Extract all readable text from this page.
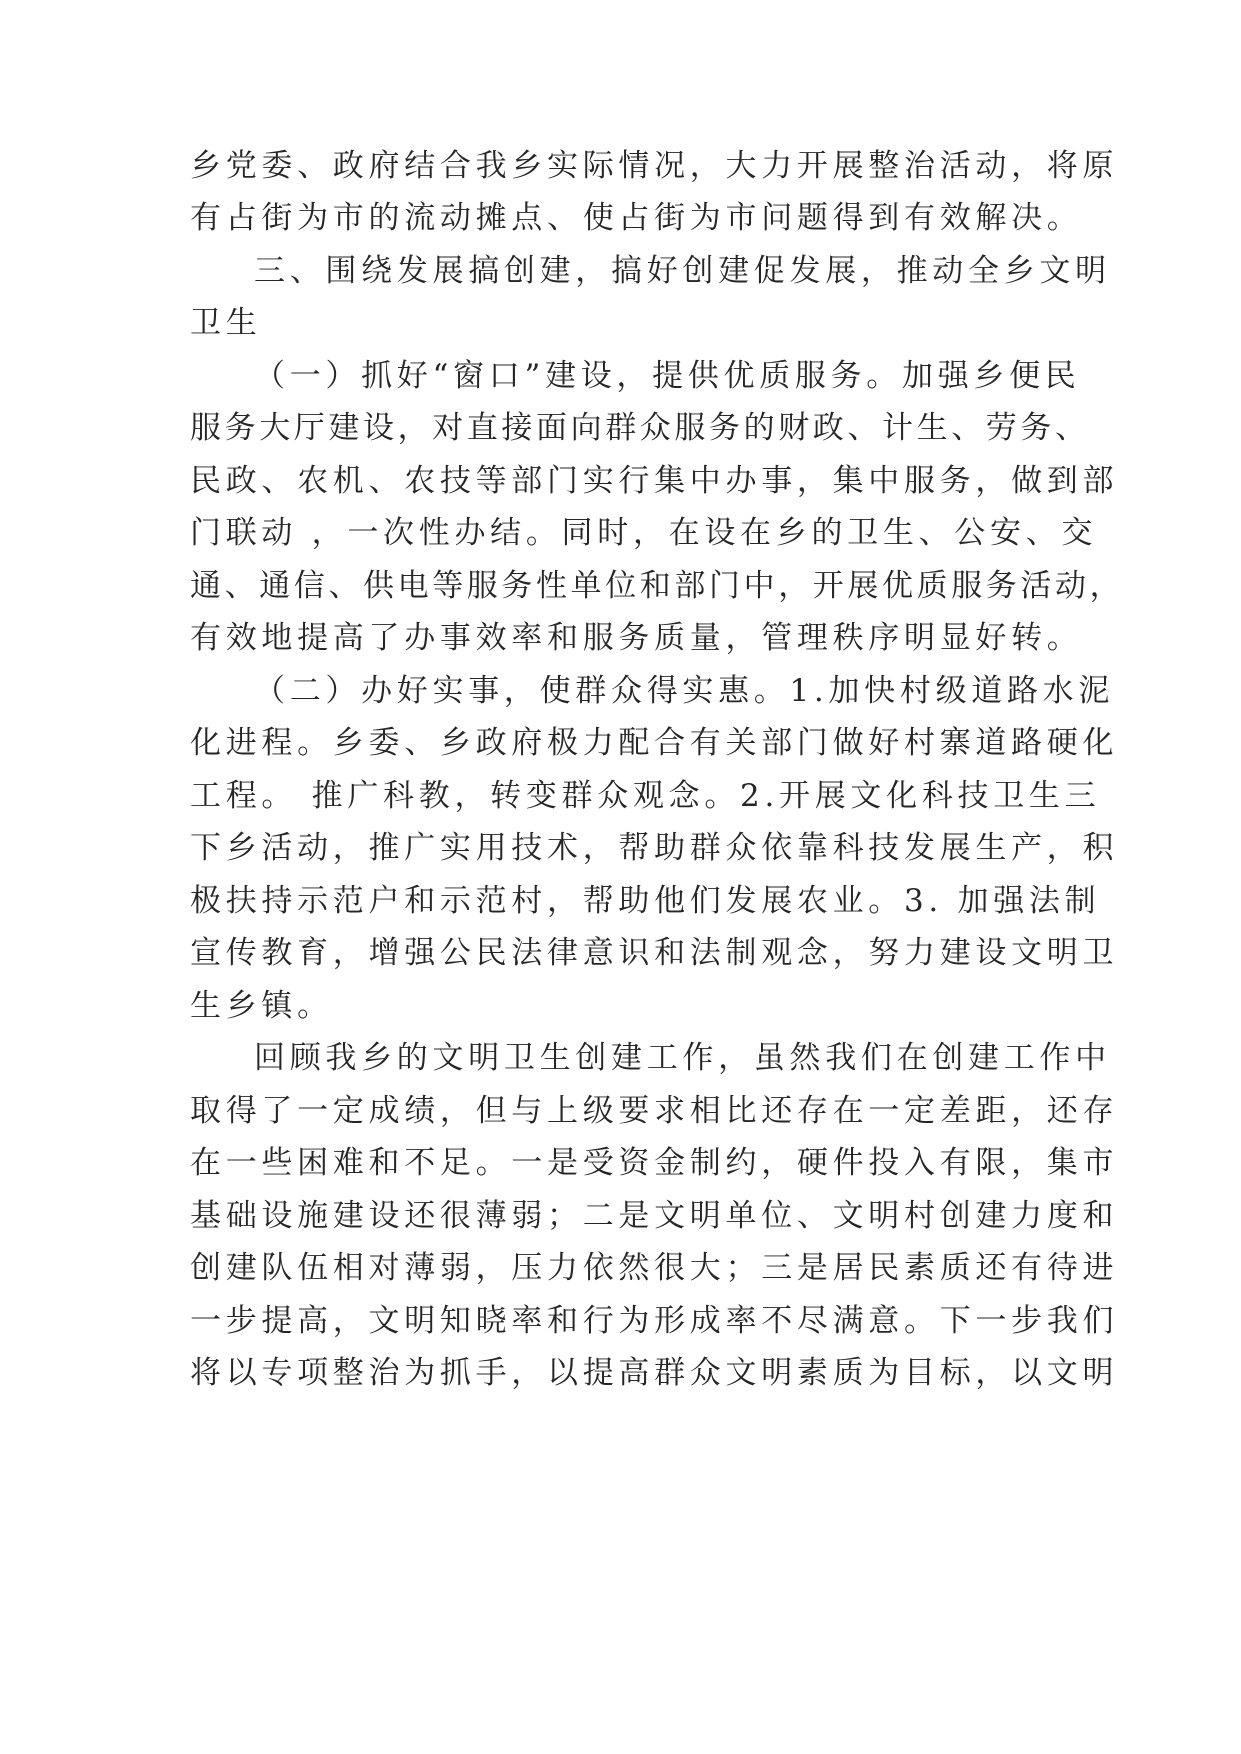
乡党委、政府结合我乡实际情况，大力开展整治活动，将原

有占街为市的流动摊点、使占街为市问题得到有效解决。

三、围绕发展搞创建，搞好创建促发展，推动全乡文明

卫生

（一）抓好“窗口”建设，提供优质服务。加强乡便民

服务大厅建设，对直接面向群众服务的财政、计生、劳务、

民政、农机、农技等部门实行集中办事，集中服务，做到部

门联动 ，一次性办结。同时，在设在乡的卫生、公安、交

通、通信、供电等服务性单位和部门中，开展优质服务活动，

有效地提高了办事效率和服务质量，管理秩序明显好转。

（二）办好实事，使群众得实惠。1.加快村级道路水泥

化进程。乡委、乡政府极力配合有关部门做好村寨道路硬化

工程。 推广科教，转变群众观念。2.开展文化科技卫生三

下乡活动，推广实用技术，帮助群众依靠科技发展生产，积

极扶持示范户和示范村，帮助他们发展农业。3. 加强法制

宣传教育，增强公民法律意识和法制观念，努力建设文明卫

生乡镇。

回顾我乡的文明卫生创建工作，虽然我们在创建工作中

取得了一定成绩，但与上级要求相比还存在一定差距，还存

在一些困难和不足。一是受资金制约，硬件投入有限，集市

基础设施建设还很薄弱；二是文明单位、文明村创建力度和

创建队伍相对薄弱，压力依然很大；三是居民素质还有待进

一步提高，文明知晓率和行为形成率不尽满意。下一步我们

将以专项整治为抓手，以提高群众文明素质为目标，以文明
